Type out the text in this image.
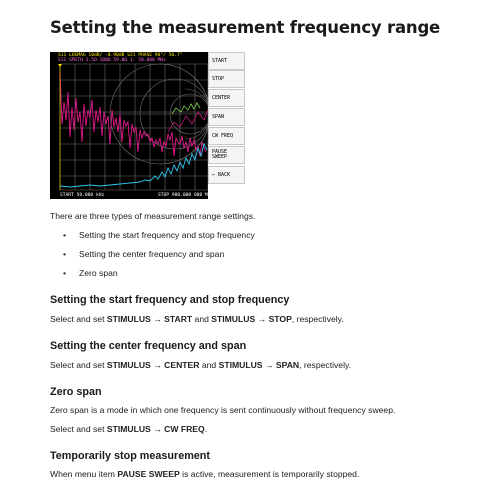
Setting the measurement frequency range
S11 LOGMAG 10dB/ -0.90dB S21 PHASE 90°/ 50.7°
S11 SMITH 1.5Ω 100Ω 59.0Ω 1: 50.000 MHz
START 50.000 kHz	STOP 900.000 000 MHz
START
STOP
CENTER
SPAN
CW FREQ
PAUSE
SWEEP
← BACK

There are three types of measurement range settings.

• Setting the start frequency and stop frequency
• Setting the center frequency and span
• Zero span
Setting the start frequency and stop frequency

Select and set STIMULUS → START and STIMULUS → STOP, respectively.

Setting the center frequency and span

Select and set STIMULUS → CENTER and STIMULUS → SPAN, respectively.

Zero span

Zero span is a mode in which one frequency is sent continuously without frequency sweep.

Select and set STIMULUS → CW FREQ.

Temporarily stop measurement

When menu item PAUSE SWEEP is active, measurement is temporarily stopped.
